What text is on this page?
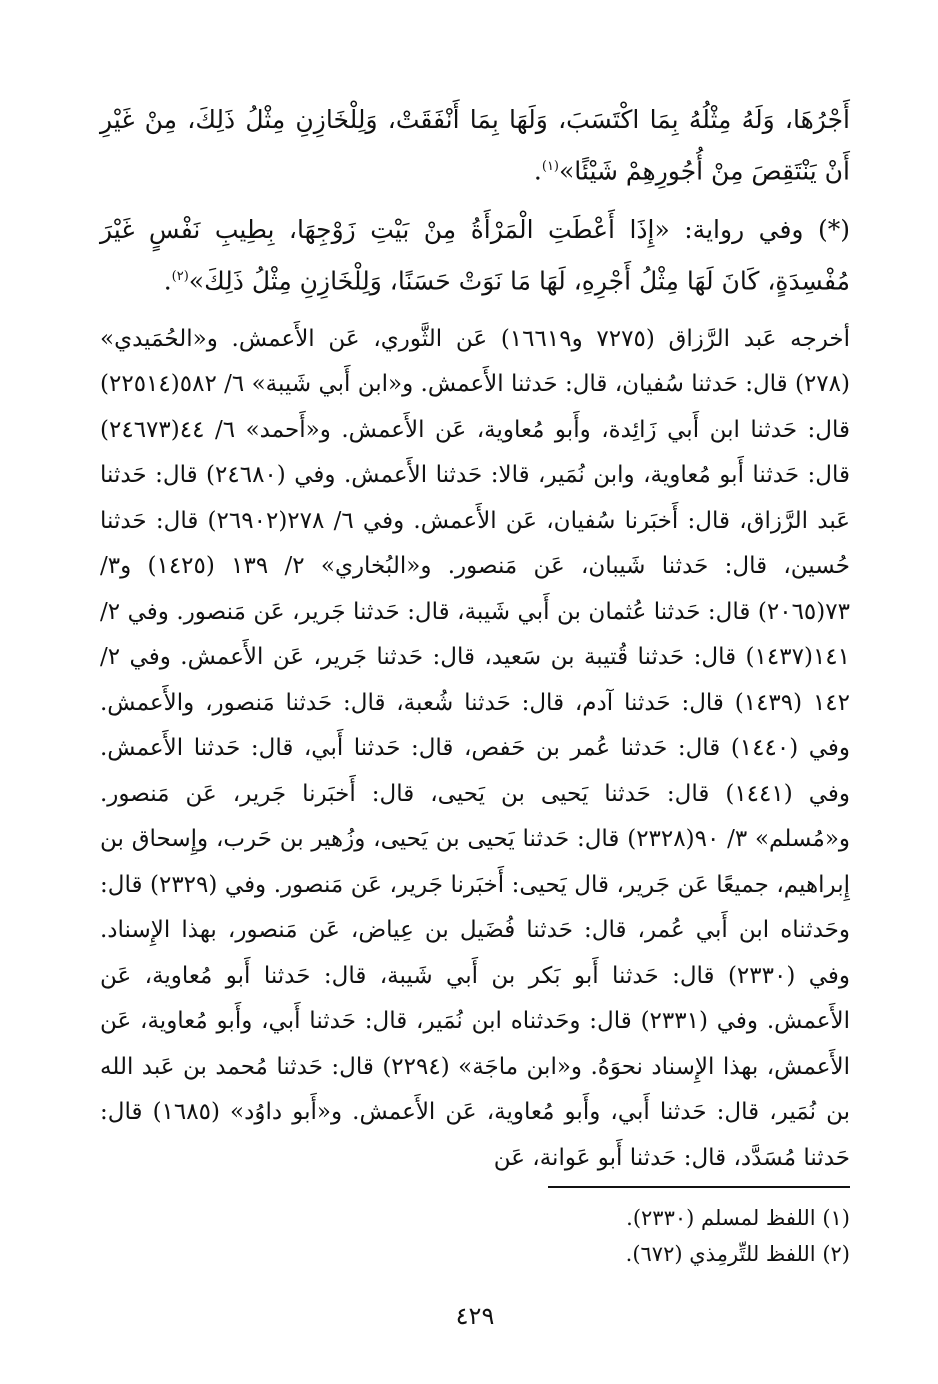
أَجْرُهَا، وَلَهُ مِثْلُهُ بِمَا اكْتَسَبَ، وَلَهَا بِمَا أَنْفَقَتْ، وَلِلْخَازِنِ مِثْلُ ذَلِكَ، مِنْ غَيْرِ أَنْ يَنْتَقِصَ مِنْ أُجُورِهِمْ شَيْئًا»$^{(١)}$.

(*) وفي رواية: «إِذَا أَعْطَتِ الْمَرْأَةُ مِنْ بَيْتِ زَوْجِهَا، بِطِيبِ نَفْسٍ غَيْرَ مُفْسِدَةٍ، كَانَ لَهَا مِثْلُ أَجْرِهِ، لَهَا مَا نَوَتْ حَسَنًا، وَلِلْخَازِنِ مِثْلُ ذَلِكَ»$^{(٢)}$.

أخرجه عَبد الرَّزاق (٧٢٧٥ و١٦٦١٩) عَن الثَّوري، عَن الأَعمش. و«الحُمَيدي» (٢٧٨) قال: حَدثنا سُفيان، قال: حَدثنا الأَعمش. و«ابن أَبي شَيبة» ٦/ ٥٨٢(٢٢٥١٤) قال: حَدثنا ابن أَبي زَائِدة، وأَبو مُعاوية، عَن الأَعمش. و«أَحمد» ٦/ ٤٤(٢٤٦٧٣) قال: حَدثنا أَبو مُعاوية، وابن نُمَير، قالا: حَدثنا الأَعمش. وفي (٢٤٦٨٠) قال: حَدثنا عَبد الرَّزاق، قال: أَخبَرنا سُفيان، عَن الأَعمش. وفي ٦/ ٢٧٨(٢٦٩٠٢) قال: حَدثنا حُسين، قال: حَدثنا شَيبان، عَن مَنصور. و«البُخاري» ٢/ ١٣٩ (١٤٢٥) و٣/ ٧٣(٢٠٦٥) قال: حَدثنا عُثمان بن أَبي شَيبة، قال: حَدثنا جَرير، عَن مَنصور. وفي ٢/ ١٤١(١٤٣٧) قال: حَدثنا قُتيبة بن سَعيد، قال: حَدثنا جَرير، عَن الأَعمش. وفي ٢/ ١٤٢ (١٤٣٩) قال: حَدثنا آدم، قال: حَدثنا شُعبة، قال: حَدثنا مَنصور، والأَعمش. وفي (١٤٤٠) قال: حَدثنا عُمر بن حَفص، قال: حَدثنا أَبي، قال: حَدثنا الأَعمش. وفي (١٤٤١) قال: حَدثنا يَحيى بن يَحيى، قال: أَخبَرنا جَرير، عَن مَنصور. و«مُسلم» ٣/ ٩٠(٢٣٢٨) قال: حَدثنا يَحيى بن يَحيى، وزُهير بن حَرب، وإِسحاق بن إِبراهيم، جميعًا عَن جَرير، قال يَحيى: أَخبَرنا جَرير، عَن مَنصور. وفي (٢٣٢٩) قال: وحَدثناه ابن أَبي عُمر، قال: حَدثنا فُضَيل بن عِياض، عَن مَنصور، بهذا الإِسناد. وفي (٢٣٣٠) قال: حَدثنا أَبو بَكر بن أَبي شَيبة، قال: حَدثنا أَبو مُعاوية، عَن الأَعمش. وفي (٢٣٣١) قال: وحَدثناه ابن نُمَير، قال: حَدثنا أَبي، وأَبو مُعاوية، عَن الأَعمش، بهذا الإِسناد نحوَهُ. و«ابن ماجَة» (٢٢٩٤) قال: حَدثنا مُحمد بن عَبد الله بن نُمَير، قال: حَدثنا أَبي، وأَبو مُعاوية، عَن الأَعمش. و«أَبو داوُد» (١٦٨٥) قال: حَدثنا مُسَدَّد، قال: حَدثنا أَبو عَوانة، عَن

(١) اللفظ لمسلم (٢٣٣٠).

(٢) اللفظ للتِّرمِذي (٦٧٢).

٤٢٩
